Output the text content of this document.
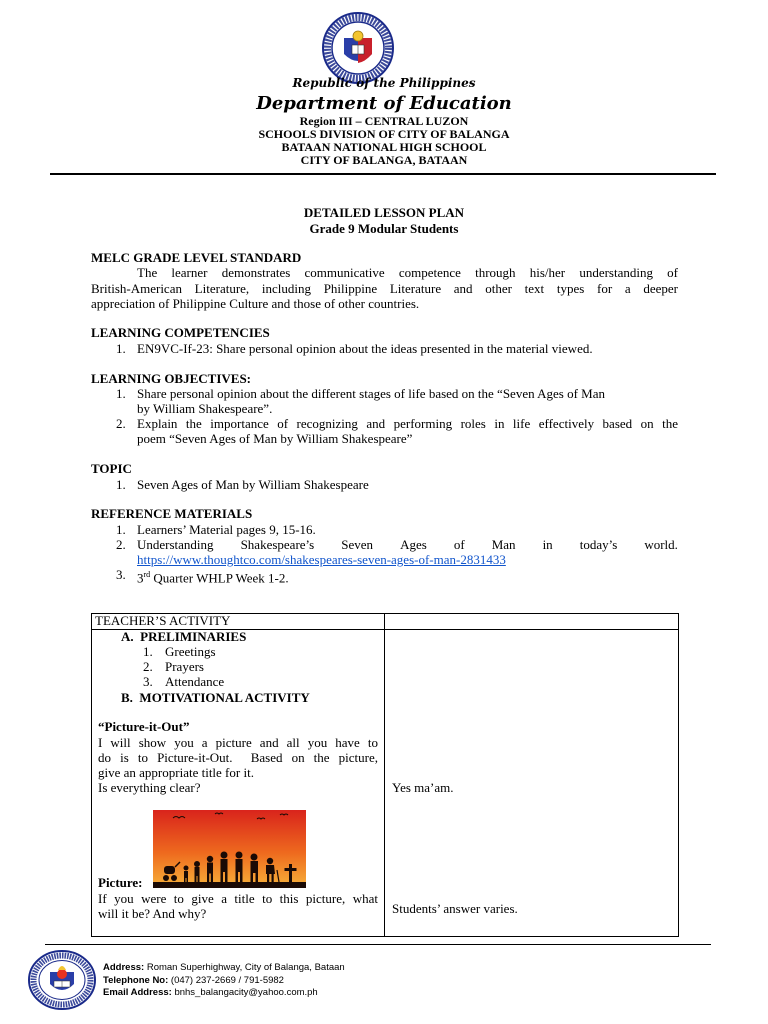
Republic of the Philippines
Department of Education
Region III – CENTRAL LUZON
SCHOOLS DIVISION OF CITY OF BALANGA
BATAAN NATIONAL HIGH SCHOOL
CITY OF BALANGA, BATAAN
DETAILED LESSON PLAN
Grade 9 Modular Students
MELC GRADE LEVEL STANDARD
The learner demonstrates communicative competence through his/her understanding of
British-American Literature, including Philippine Literature and other text types for a deeper
appreciation of Philippine Culture and those of other countries.
LEARNING COMPETENCIES
1. EN9VC-If-23: Share personal opinion about the ideas presented in the material viewed.
LEARNING OBJECTIVES:
1. Share personal opinion about the different stages of life based on the “Seven Ages of Man
by William Shakespeare”.
2. Explain the importance of recognizing and performing roles in life effectively based on the
poem “Seven Ages of Man by William Shakespeare”
TOPIC
1. Seven Ages of Man by William Shakespeare
REFERENCE MATERIALS
1. Learners’ Material pages 9, 15-16.
2. Understanding Shakespeare’s Seven Ages of Man in today’s world.
https://www.thoughtco.com/shakespeares-seven-ages-of-man-2831433
3. 3rd Quarter WHLP Week 1-2.
TEACHER’S ACTIVITY
A.  PRELIMINARIES
1. Greetings
2. Prayers
3. Attendance
B.  MOTIVATIONAL ACTIVITY
“Picture-it-Out”
I will show you a picture and all you have to
do is to Picture-it-Out.  Based on the picture,
give an appropriate title for it.
Is everything clear?	Yes ma’am.
Picture:
If you were to give a title to this picture, what
will it be? And why?	Students’ answer varies.
Address: Roman Superhighway, City of Balanga, Bataan
Telephone No: (047) 237-2669 / 791-5982
Email Address: bnhs_balangacity@yahoo.com.ph
